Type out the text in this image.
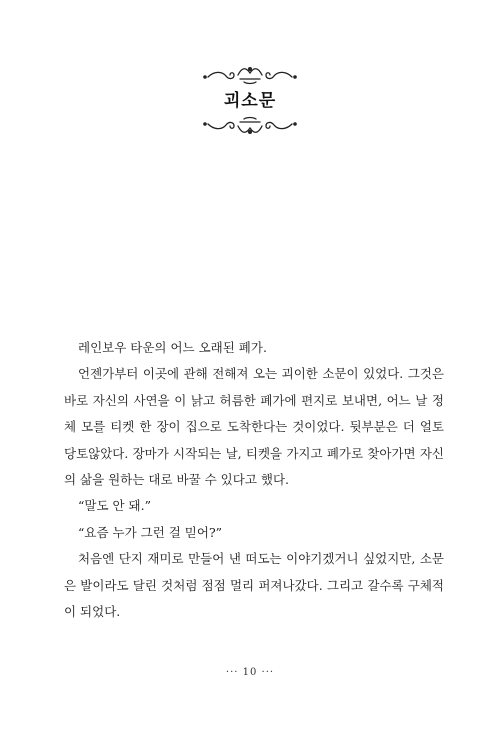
괴소문

레인보우 타운의 어느 오래된 폐가.

언젠가부터 이곳에 관해 전해져 오는 괴이한 소문이 있었다. 그것은 바로 자신의 사연을 이 낡고 허름한 폐가에 편지로 보내면, 어느 날 정체 모를 티켓 한 장이 집으로 도착한다는 것이었다. 뒷부분은 더 얼토당토않았다. 장마가 시작되는 날, 티켓을 가지고 폐가로 찾아가면 자신의 삶을 원하는 대로 바꿀 수 있다고 했다.

“말도 안 돼.”

“요즘 누가 그런 걸 믿어?”

처음엔 단지 재미로 만들어 낸 떠도는 이야기겠거니 싶었지만, 소문은 발이라도 달린 것처럼 점점 멀리 퍼져나갔다. 그리고 갈수록 구체적이 되었다.

··· 10 ···
